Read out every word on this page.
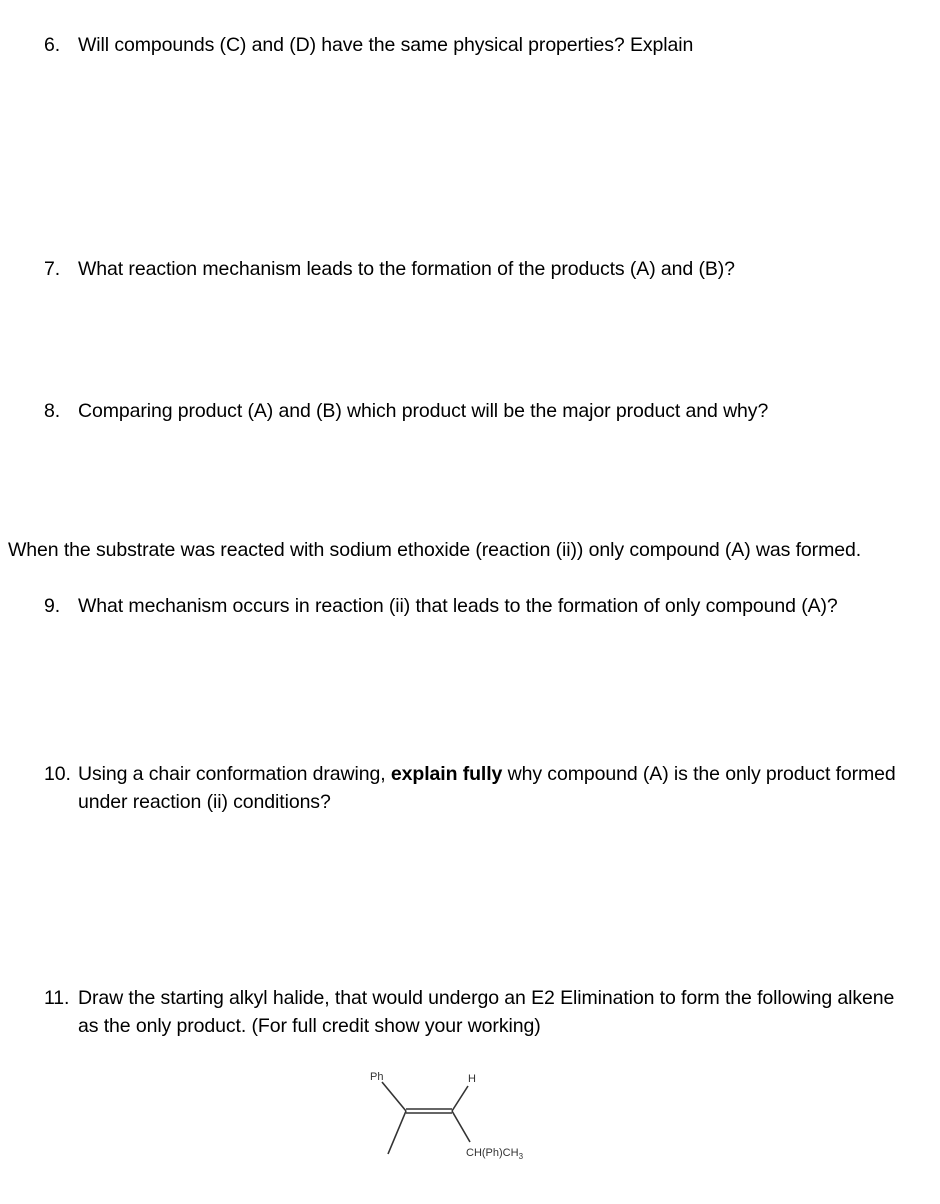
6. Will compounds (C) and (D) have the same physical properties? Explain
7. What reaction mechanism leads to the formation of the products (A) and (B)?
8. Comparing product (A) and (B) which product will be the major product and why?
When the substrate was reacted with sodium ethoxide (reaction (ii)) only compound (A) was formed.
9. What mechanism occurs in reaction (ii) that leads to the formation of only compound (A)?
10. Using a chair conformation drawing, explain fully why compound (A) is the only product formed under reaction (ii) conditions?
11. Draw the starting alkyl halide, that would undergo an E2 Elimination to form the following alkene as the only product. (For full credit show your working)
Ph	H
$CH(Ph)CH_3$
